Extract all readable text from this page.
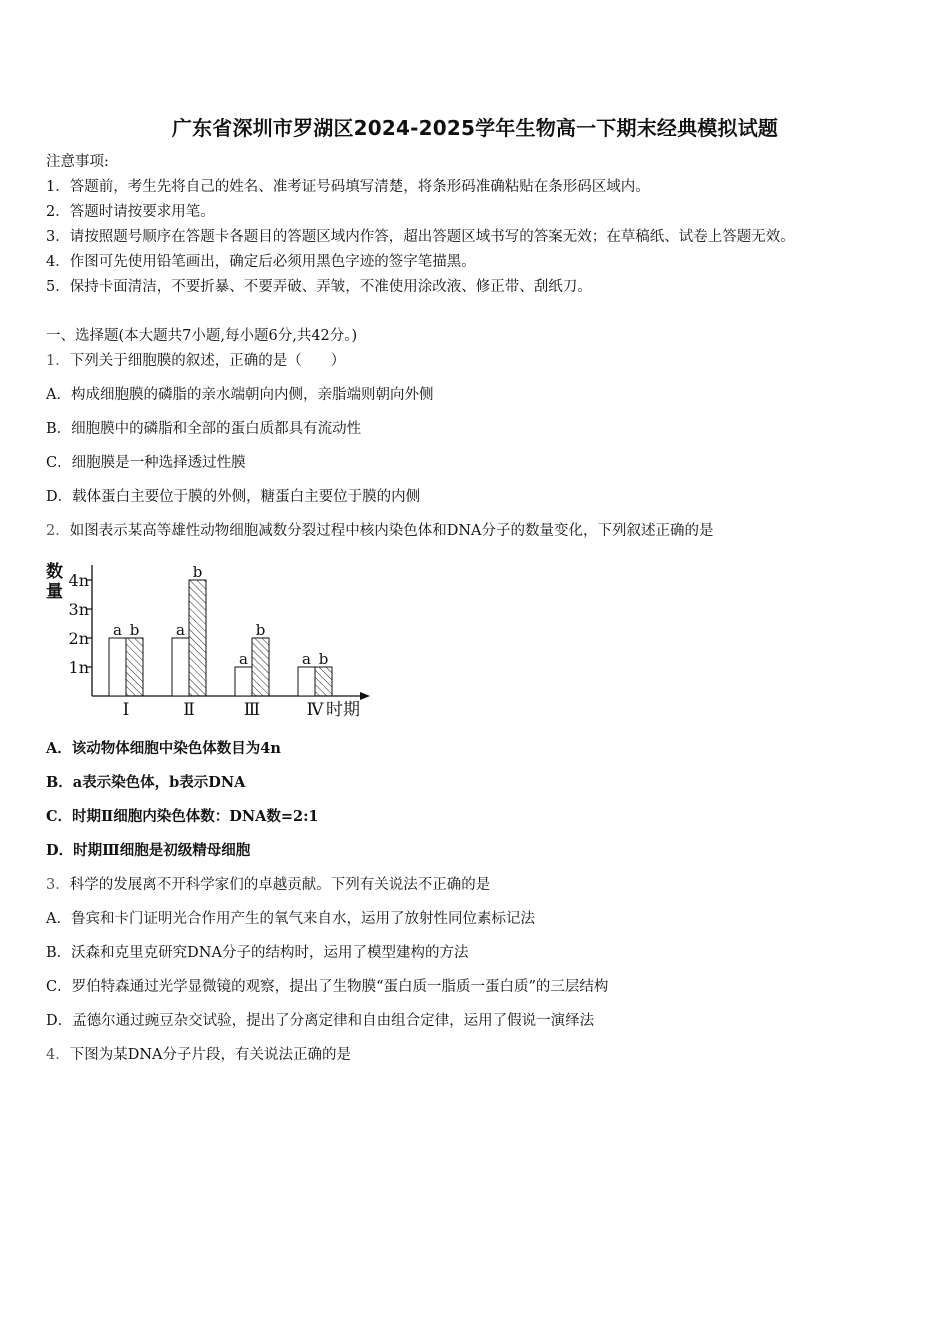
广东省深圳市罗湖区2024-2025学年生物高一下期末经典模拟试题
注意事项:
1．答题前，考生先将自己的姓名、准考证号码填写清楚，将条形码准确粘贴在条形码区域内。
2．答题时请按要求用笔。
3．请按照题号顺序在答题卡各题目的答题区域内作答，超出答题区域书写的答案无效；在草稿纸、试卷上答题无效。
4．作图可先使用铅笔画出，确定后必须用黑色字迹的签字笔描黑。
5．保持卡面清洁，不要折暴、不要弄破、弄皱，不准使用涂改液、修正带、刮纸刀。
一、选择题(本大题共7小题,每小题6分,共42分。)
1．下列关于细胞膜的叙述，正确的是（　　）
A．构成细胞膜的磷脂的亲水端朝向内侧，亲脂端则朝向外侧
B．细胞膜中的磷脂和全部的蛋白质都具有流动性
C．细胞膜是一种选择透过性膜
D．载体蛋白主要位于膜的外侧，糖蛋白主要位于膜的内侧
2．如图表示某高等雄性动物细胞减数分裂过程中核内染色体和DNA分子的数量变化，下列叙述正确的是
数
量
时期
1n
2n
3n
4n
a b a
b
a
b
a b
Ⅰ	Ⅱ	Ⅲ	Ⅳ
A．该动物体细胞中染色体数目为4n
B．a表示染色体，b表示DNA
C．时期Ⅱ细胞内染色体数：DNA数=2:1
D．时期Ⅲ细胞是初级精母细胞
3．科学的发展离不开科学家们的卓越贡献。下列有关说法不正确的是
A．鲁宾和卡门证明光合作用产生的氧气来自水，运用了放射性同位素标记法
B．沃森和克里克研究DNA分子的结构时，运用了模型建构的方法
C．罗伯特森通过光学显微镜的观察，提出了生物膜“蛋白质一脂质一蛋白质”的三层结构
D．孟德尔通过豌豆杂交试验，提出了分离定律和自由组合定律，运用了假说一演绎法
4．下图为某DNA分子片段，有关说法正确的是
